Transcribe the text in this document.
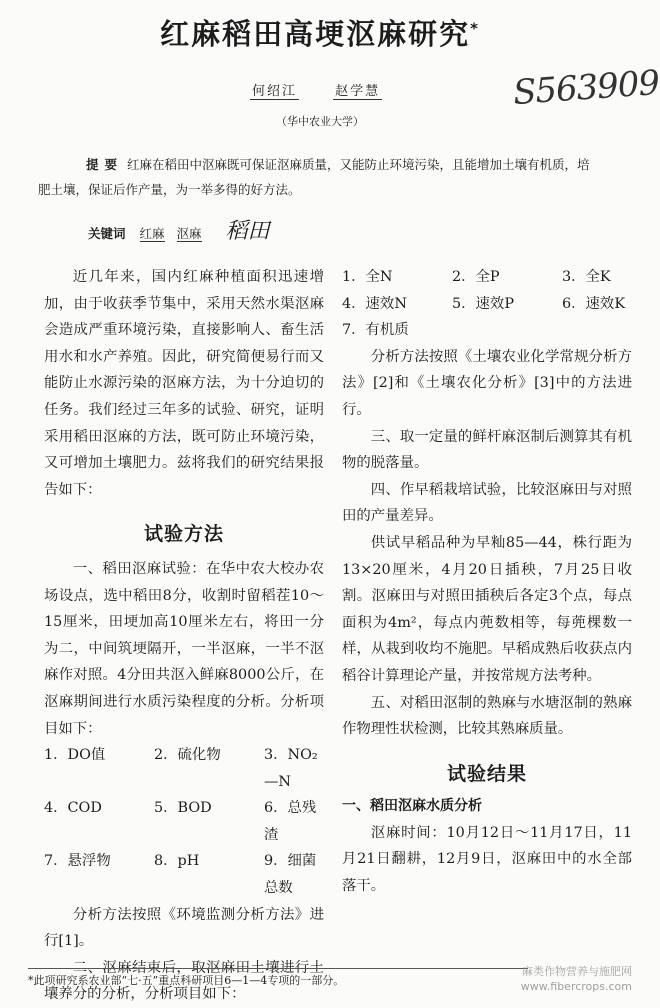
红麻稻田高埂沤麻研究*
何绍江	赵学慧	S563909
（华中农业大学）
提要 红麻在稻田中沤麻既可保证沤麻质量，又能防止环境污染，且能增加土壤有机质，培肥土壤，保证后作产量，为一举多得的好方法。
关键词 红麻 沤麻 稻田

近几年来，国内红麻种植面积迅速增加，由于收获季节集中，采用天然水渠沤麻会造成严重环境污染，直接影响人、畜生活用水和水产养殖。因此，研究简便易行而又能防止水源污染的沤麻方法，为十分迫切的任务。我们经过三年多的试验、研究，证明采用稻田沤麻的方法，既可防止环境污染，又可增加土壤肥力。兹将我们的研究结果报告如下：

试验方法

一、稻田沤麻试验：在华中农大校办农场设点，选中稻田8分，收割时留稻茬10～15厘米，田埂加高10厘米左右，将田一分为二，中间筑埂隔开，一半沤麻，一半不沤麻作对照。4分田共沤入鲜麻8000公斤，在沤麻期间进行水质污染程度的分析。分析项目如下：

1．DO值	2．硫化物	3．NO₂—N
4．COD	5．BOD	6．总残渣
7．悬浮物	8．pH	9．细菌总数

分析方法按照《环境监测分析方法》进行[1]。

二、沤麻结束后，取沤麻田土壤进行土壤养分的分析，分析项目如下：

1．全N	2．全P	3．全K
4．速效N	5．速效P	6．速效K
7．有机质

分析方法按照《土壤农业化学常规分析方法》[2]和《土壤农化分析》[3]中的方法进行。

三、取一定量的鲜杆麻沤制后测算其有机物的脱落量。

四、作早稻栽培试验，比较沤麻田与对照田的产量差异。

供试早稻品种为早籼85—44，株行距为13×20厘米，4月20日插秧，7月25日收割。沤麻田与对照田插秧后各定3个点，每点面积为4m²，每点内蔸数相等，每蔸棵数一样，从栽到收均不施肥。早稻成熟后收获点内稻谷计算理论产量，并按常规方法考种。

五、对稻田沤制的熟麻与水塘沤制的熟麻作物理性状检测，比较其熟麻质量。

试验结果
一、稻田沤麻水质分析

沤麻时间：10月12日～11月17日，11月21日翻耕，12月9日，沤麻田中的水全部落干。

*此项研究系农业部“七·五”重点科研项目6—1—4专项的一部分。
麻类作物营养与施肥网
www.fibercrops.com
